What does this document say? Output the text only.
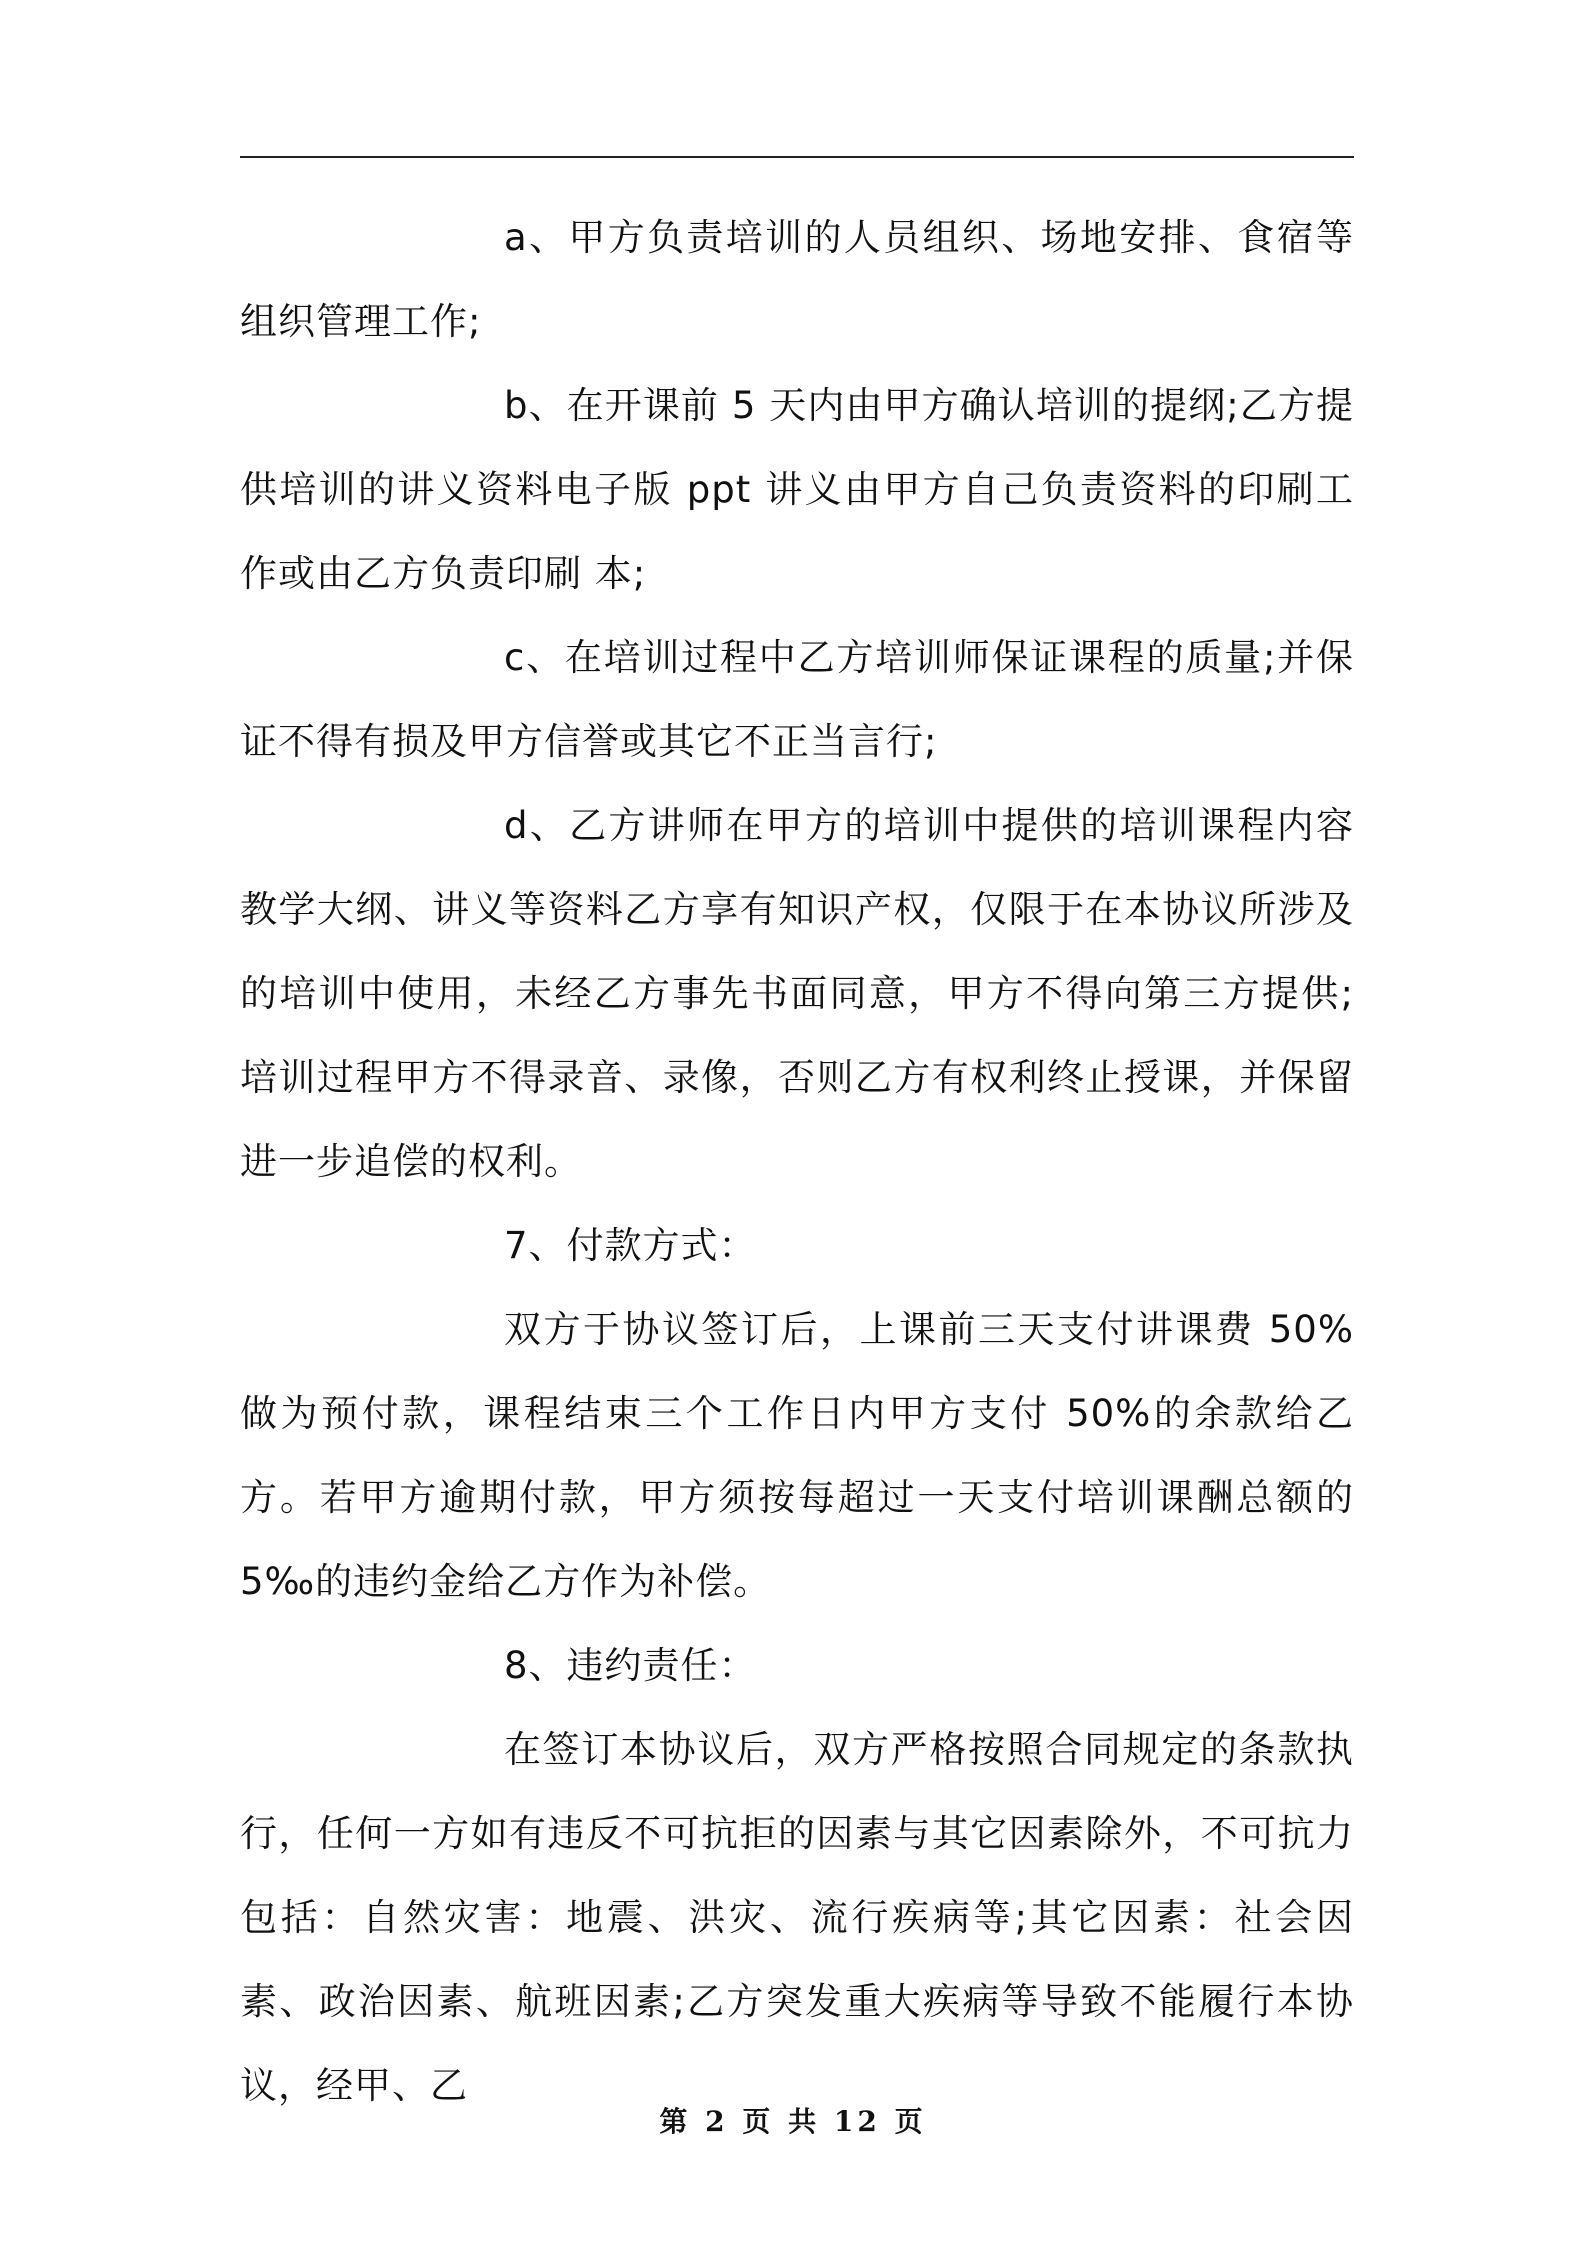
a、甲方负责培训的人员组织、场地安排、食宿等组织管理工作;

b、在开课前 5 天内由甲方确认培训的提纲;乙方提供培训的讲义资料电子版 ppt 讲义由甲方自己负责资料的印刷工作或由乙方负责印刷 本;

c、在培训过程中乙方培训师保证课程的质量;并保证不得有损及甲方信誉或其它不正当言行;

d、乙方讲师在甲方的培训中提供的培训课程内容教学大纲、讲义等资料乙方享有知识产权，仅限于在本协议所涉及的培训中使用，未经乙方事先书面同意，甲方不得向第三方提供;培训过程甲方不得录音、录像，否则乙方有权利终止授课，并保留进一步追偿的权利。

7、付款方式：

双方于协议签订后，上课前三天支付讲课费 50%做为预付款，课程结束三个工作日内甲方支付 50%的余款给乙方。若甲方逾期付款，甲方须按每超过一天支付培训课酬总额的 5‰的违约金给乙方作为补偿。

8、违约责任：

在签订本协议后，双方严格按照合同规定的条款执行，任何一方如有违反不可抗拒的因素与其它因素除外，不可抗力包括：自然灾害：地震、洪灾、流行疾病等;其它因素：社会因素、政治因素、航班因素;乙方突发重大疾病等导致不能履行本协议，经甲、乙

第 2 页 共 12 页
